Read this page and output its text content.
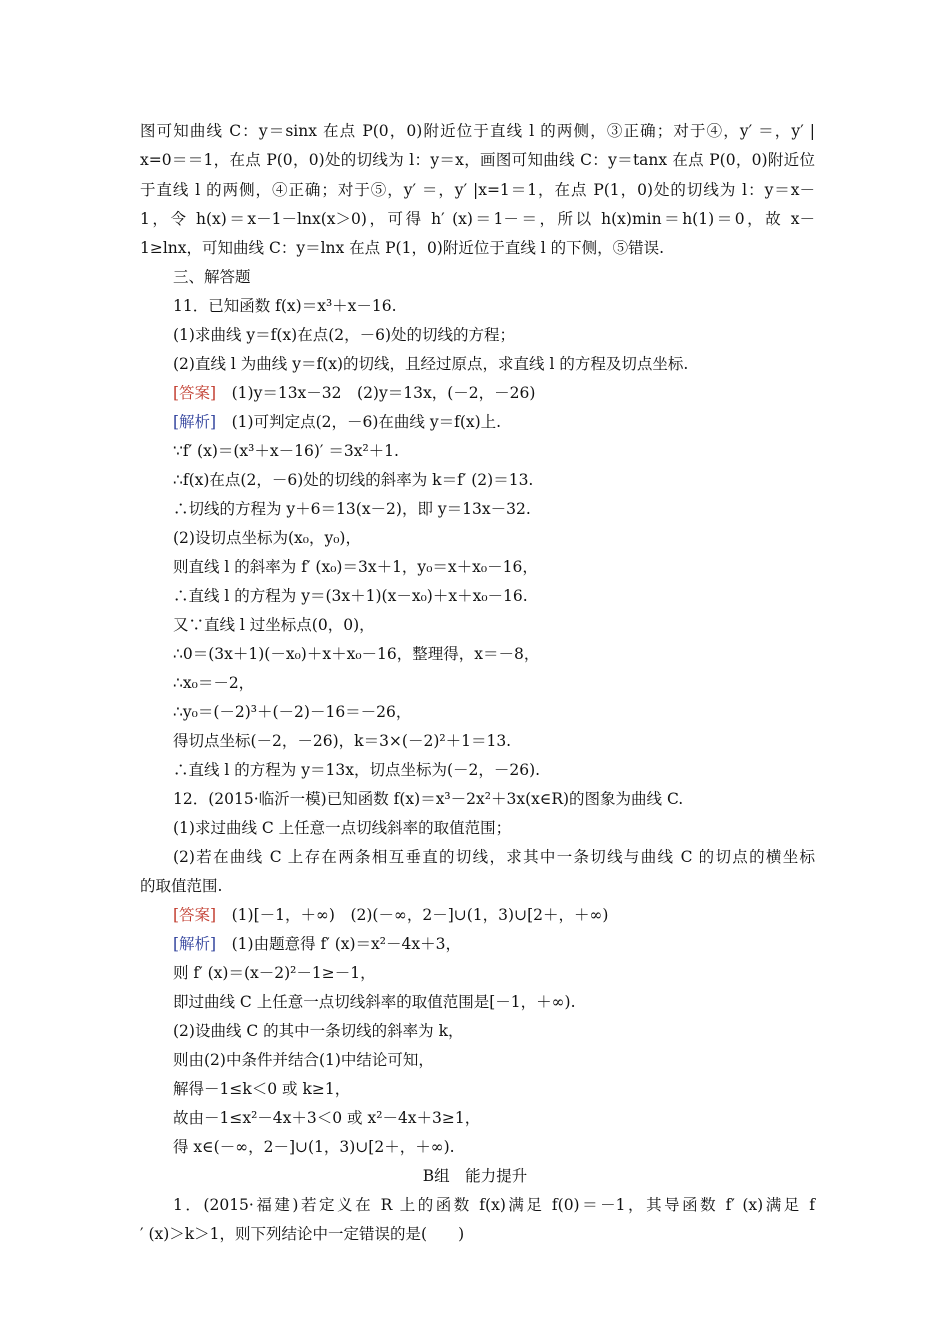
图可知曲线 C：y＝sinx 在点 P(0，0)附近位于直线 l 的两侧，③正确；对于④，y′ ＝，y′ |
x=0＝＝1，在点 P(0，0)处的切线为 l：y＝x，画图可知曲线 C：y＝tanx 在点 P(0，0)附近位
于直线 l 的两侧，④正确；对于⑤，y′ ＝，y′ |x=1＝1，在点 P(1，0)处的切线为 l：y＝x－
1，令 h(x)＝x－1－lnx(x＞0)，可得 h′ (x)＝1－＝，所以 h(x)min＝h(1)＝0，故 x－
1≥lnx，可知曲线 C：y＝lnx 在点 P(1，0)附近位于直线 l 的下侧，⑤错误.
三、解答题
11．已知函数 f(x)＝x³＋x－16.
(1)求曲线 y＝f(x)在点(2，－6)处的切线的方程；
(2)直线 l 为曲线 y＝f(x)的切线，且经过原点，求直线 l 的方程及切点坐标.
[答案]　 (1)y＝13x－32　(2)y＝13x，(－2，－26)
[解析]　 (1)可判定点(2，－6)在曲线 y＝f(x)上.
∵f′ (x)＝(x³＋x－16)′ ＝3x²＋1.
∴f(x)在点(2，－6)处的切线的斜率为 k＝f′ (2)＝13.
∴切线的方程为 y＋6＝13(x－2)，即 y＝13x－32.
(2)设切点坐标为(x₀，y₀)，
则直线 l 的斜率为 f′ (x₀)＝3x＋1，y₀＝x＋x₀－16，
∴直线 l 的方程为 y＝(3x＋1)(x－x₀)＋x＋x₀－16.
又∵直线 l 过坐标点(0，0)，
∴0＝(3x＋1)(－x₀)＋x＋x₀－16，整理得，x＝－8，
∴x₀＝－2，
∴y₀＝(－2)³＋(－2)－16＝－26，
得切点坐标(－2，－26)，k＝3×(－2)²＋1＝13.
∴直线 l 的方程为 y＝13x，切点坐标为(－2，－26).
12．(2015·临沂一模)已知函数 f(x)＝x³－2x²＋3x(x∈R)的图象为曲线 C.
(1)求过曲线 C 上任意一点切线斜率的取值范围；
(2)若在曲线 C 上存在两条相互垂直的切线，求其中一条切线与曲线 C 的切点的横坐标
的取值范围.
[答案]　 (1)[－1，＋∞)　(2)(－∞，2－]∪(1，3)∪[2＋，＋∞)
[解析]　 (1)由题意得 f′ (x)＝x²－4x＋3，
则 f′ (x)＝(x－2)²－1≥－1，
即过曲线 C 上任意一点切线斜率的取值范围是[－1，＋∞).
(2)设曲线 C 的其中一条切线的斜率为 k，
则由(2)中条件并结合(1)中结论可知，
解得－1≤k＜0 或 k≥1，
故由－1≤x²－4x＋3＜0 或 x²－4x＋3≥1，
得 x∈(－∞，2－]∪(1，3)∪[2＋，＋∞).
B组　能力提升
1．(2015·福建)若定义在 R 上的函数 f(x)满足 f(0)＝－1，其导函数 f′ (x)满足 f
′ (x)＞k＞1，则下列结论中一定错误的是(　　)
